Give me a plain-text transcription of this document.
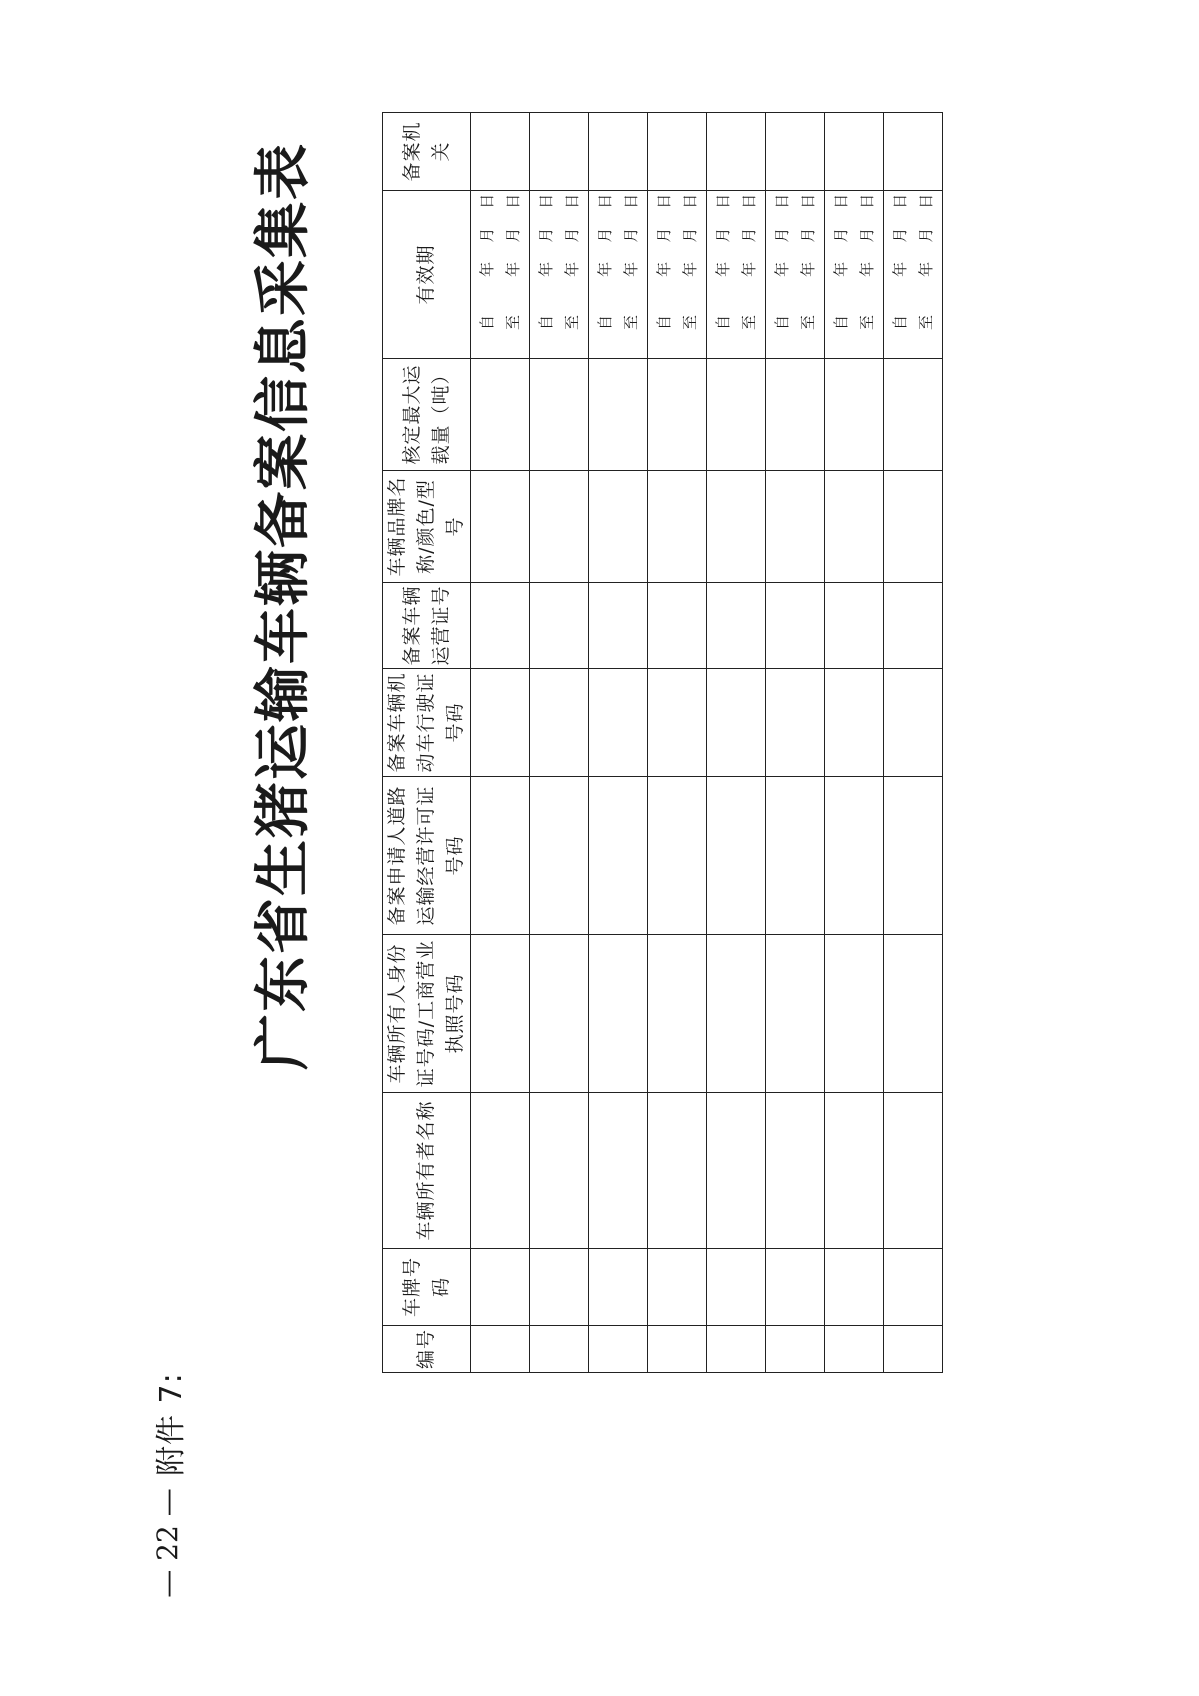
— 22 —
附件 7:
广东省生猪运输车辆备案信息采集表
编号	车牌号码	车辆所有者名称	车辆所有人身份证号码/工商营业执照号码	备案申请人道路运输经营许可证号码	备案车辆机动车行驶证号码	备案车辆运营证号	车辆品牌名称/颜色/型号	核定最大运载量（吨）	有效期	备案机关

									自        年    月    日 至        年    月    日	

									自        年    月    日 至        年    月    日	

									自        年    月    日 至        年    月    日	

									自        年    月    日 至        年    月    日	

									自        年    月    日 至        年    月    日	

									自        年    月    日 至        年    月    日	

									自        年    月    日 至        年    月    日	

									自        年    月    日 至        年    月    日	
